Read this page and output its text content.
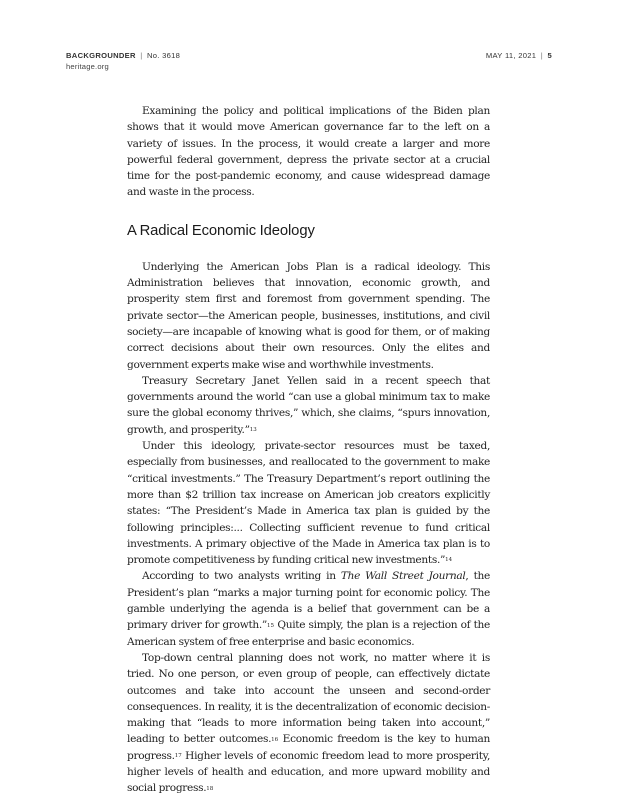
BACKGROUNDER | No. 3618
heritage.org
MAY 11, 2021 | 5

Examining the policy and political implications of the Biden plan shows that it would move American governance far to the left on a variety of issues. In the process, it would create a larger and more powerful federal government, depress the private sector at a crucial time for the post-pandemic economy, and cause widespread damage and waste in the process.

A Radical Economic Ideology

Underlying the American Jobs Plan is a radical ideology. This Administration believes that innovation, economic growth, and prosperity stem first and foremost from government spending. The private sector—the American people, businesses, institutions, and civil society—are incapable of knowing what is good for them, or of making correct decisions about their own resources. Only the elites and government experts make wise and worthwhile investments.

Treasury Secretary Janet Yellen said in a recent speech that governments around the world “can use a global minimum tax to make sure the global economy thrives,” which, she claims, “spurs innovation, growth, and prosperity.”$^{13}$

Under this ideology, private-sector resources must be taxed, especially from businesses, and reallocated to the government to make “critical investments.” The Treasury Department’s report outlining the more than $2 trillion tax increase on American job creators explicitly states: “The President’s Made in America tax plan is guided by the following principles:... Collecting sufficient revenue to fund critical investments. A primary objective of the Made in America tax plan is to promote competitiveness by funding critical new investments.”$^{14}$

According to two analysts writing in The Wall Street Journal, the President’s plan “marks a major turning point for economic policy. The gamble underlying the agenda is a belief that government can be a primary driver for growth.”$^{15}$ Quite simply, the plan is a rejection of the American system of free enterprise and basic economics.

Top-down central planning does not work, no matter where it is tried. No one person, or even group of people, can effectively dictate outcomes and take into account the unseen and second-order consequences. In reality, it is the decentralization of economic decision-making that “leads to more information being taken into account,” leading to better outcomes.$^{16}$ Economic freedom is the key to human progress.$^{17}$ Higher levels of economic freedom lead to more prosperity, higher levels of health and education, and more upward mobility and social progress.$^{18}$
